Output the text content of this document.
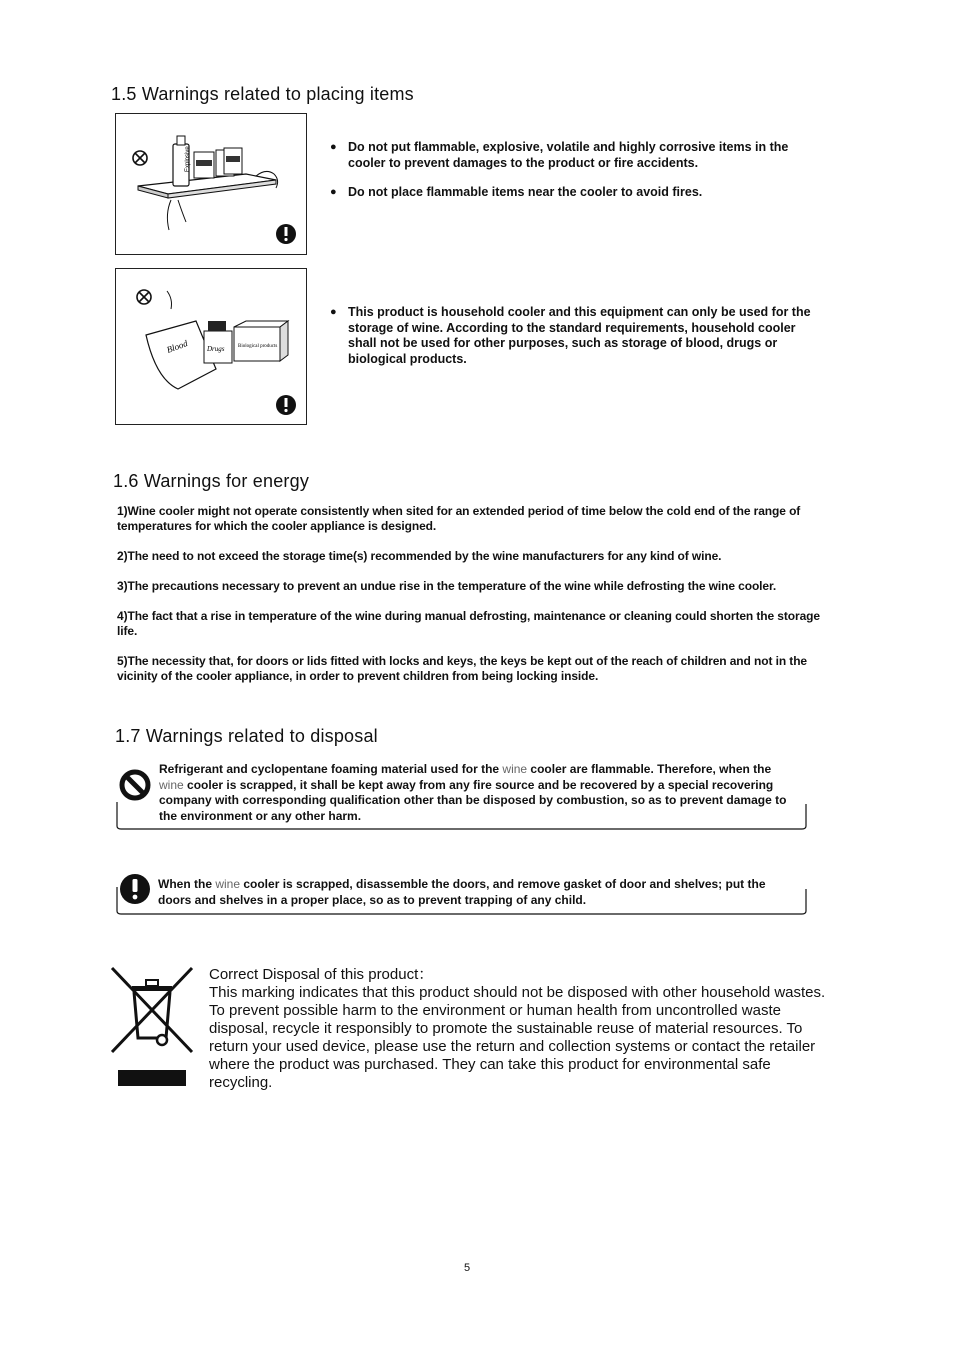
1.5 Warnings related to placing items
Explosive	● Do not put flammable, explosive, volatile and highly corrosive items in the cooler to prevent damages to the product or fire accidents.
● Do not place flammable items near the cooler to avoid fires.
Blood	Drugs	Biological products
● This product is household cooler and this equipment can only be used for the storage of wine. According to the standard requirements, household cooler shall not be used for other purposes, such as storage of blood, drugs or biological products.
1.6 Warnings for energy

1)Wine cooler might not operate consistently when sited for an extended period of time below the cold end of the range of temperatures for which the cooler appliance is designed.

2)The need to not exceed the storage time(s) recommended by the wine manufacturers for any kind of wine.

3)The precautions necessary to prevent an undue rise in the temperature of the wine while defrosting the wine cooler.

4)The fact that a rise in temperature of the wine during manual defrosting, maintenance or cleaning could shorten the storage life.

5)The necessity that, for doors or lids fitted with locks and keys, the keys be kept out of the reach of children and not in the vicinity of the cooler appliance, in order to prevent children from being locking inside.

1.7 Warnings related to disposal
Refrigerant and cyclopentane foaming material used for the wine cooler are flammable. Therefore, when the wine cooler is scrapped, it shall be kept away from any fire source and be recovered by a special recovering company with corresponding qualification other than be disposed by combustion, so as to prevent damage to the environment or any other harm.
When the wine cooler is scrapped, disassemble the doors, and remove gasket of door and shelves; put the doors and shelves in a proper place, so as to prevent trapping of any child.
Correct Disposal of this product：
This marking indicates that this product should not be disposed with other household wastes. To prevent possible harm to the environment or human health from uncontrolled waste disposal, recycle it responsibly to promote the sustainable reuse of material resources. To return your used device, please use the return and collection systems or contact the retailer where the product was purchased. They can take this product for environmental safe recycling.
5
